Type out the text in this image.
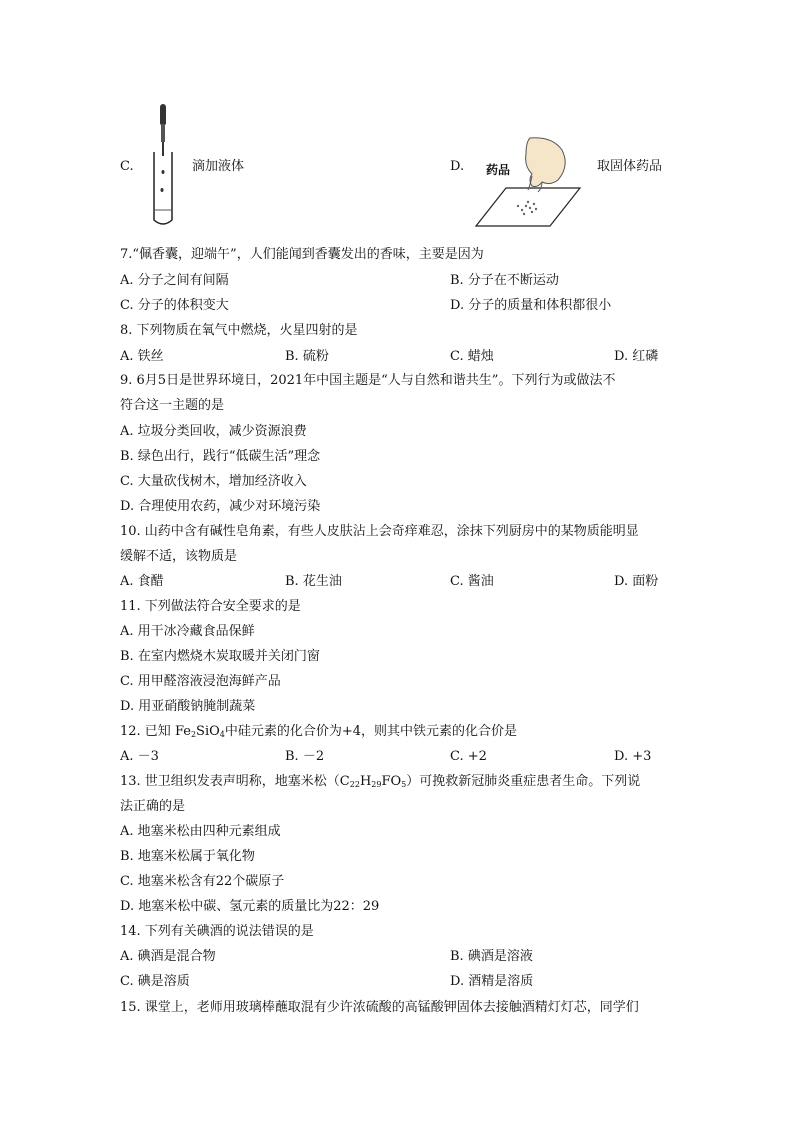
C.	滴加液体	D. 药品	取固体药品
7.“佩香囊，迎端午”，人们能闻到香囊发出的香味，主要是因为
A. 分子之间有间隔	B. 分子在不断运动
C. 分子的体积变大	D. 分子的质量和体积都很小
8. 下列物质在氧气中燃烧，火星四射的是
A. 铁丝	B. 硫粉	C. 蜡烛	D. 红磷
9. 6月5日是世界环境日，2021年中国主题是“人与自然和谐共生”。下列行为或做法不
符合这一主题的是
A. 垃圾分类回收，减少资源浪费
B. 绿色出行，践行“低碳生活”理念
C. 大量砍伐树木，增加经济收入
D. 合理使用农药，减少对环境污染
10. 山药中含有碱性皂角素，有些人皮肤沾上会奇痒难忍，涂抹下列厨房中的某物质能明显
缓解不适，该物质是
A. 食醋	B. 花生油	C. 酱油	D. 面粉
11. 下列做法符合安全要求的是
A. 用干冰冷藏食品保鲜
B. 在室内燃烧木炭取暖并关闭门窗
C. 用甲醛溶液浸泡海鲜产品
D. 用亚硝酸钠腌制蔬菜
12. 已知 $Fe_2SiO_4$中硅元素的化合价为+4，则其中铁元素的化合价是
A. －3	B. －2	C. +2	D. +3
13. 世卫组织发表声明称，地塞米松$(C_{22}H_{29}FO_5)$可挽救新冠肺炎重症患者生命。下列说
法正确的是
A. 地塞米松由四种元素组成
B. 地塞米松属于氧化物
C. 地塞米松含有22个碳原子
D. 地塞米松中碳、氢元素的质量比为22：29
14. 下列有关碘酒的说法错误的是
A. 碘酒是混合物	B. 碘酒是溶液
C. 碘是溶质	D. 酒精是溶质
15. 课堂上，老师用玻璃棒蘸取混有少许浓硫酸的高锰酸钾固体去接触酒精灯灯芯，同学们
